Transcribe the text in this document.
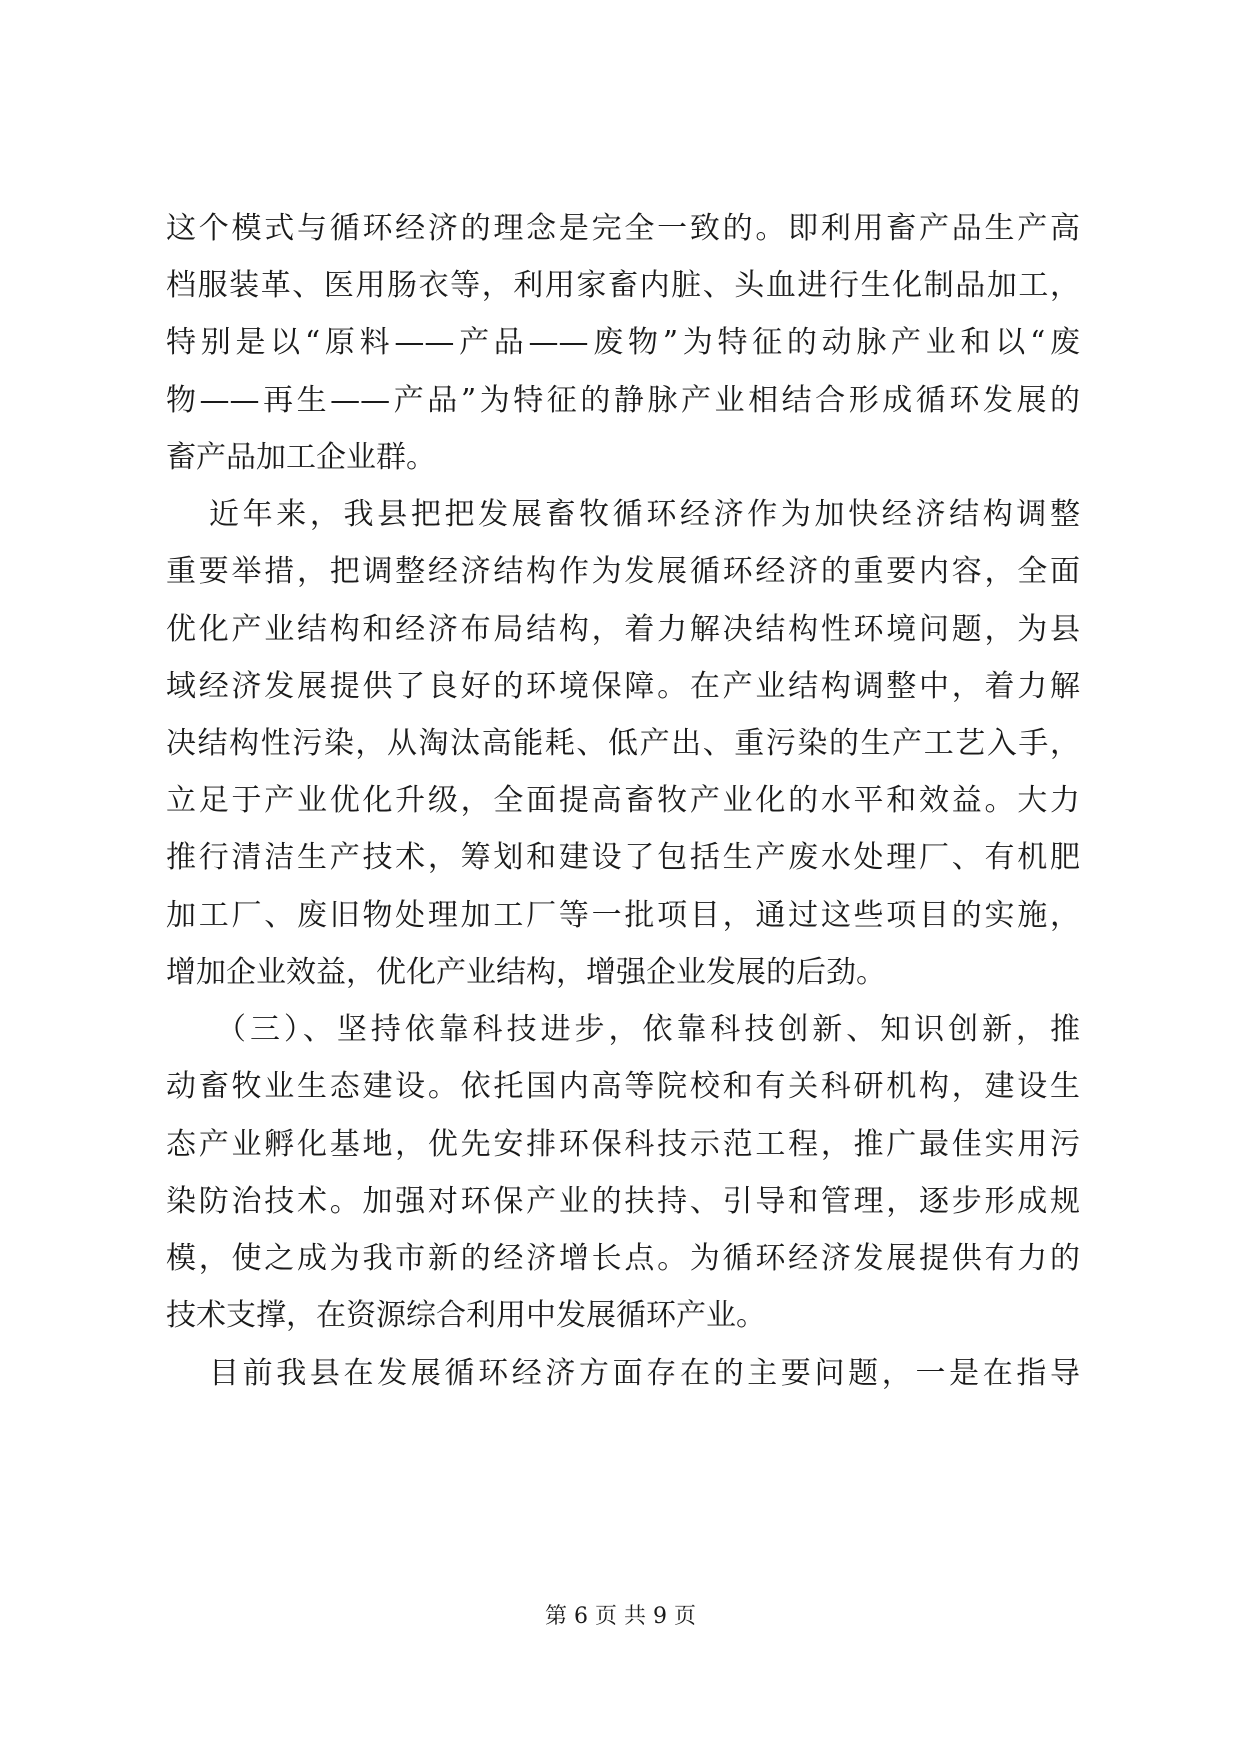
这个模式与循环经济的理念是完全一致的。即利用畜产品生产高
档服装革、医用肠衣等，利用家畜内脏、头血进行生化制品加工，
特别是以“原料——产品——废物”为特征的动脉产业和以“废
物——再生——产品”为特征的静脉产业相结合形成循环发展的
畜产品加工企业群。
近年来，我县把把发展畜牧循环经济作为加快经济结构调整
重要举措，把调整经济结构作为发展循环经济的重要内容，全面
优化产业结构和经济布局结构，着力解决结构性环境问题，为县
域经济发展提供了良好的环境保障。在产业结构调整中，着力解
决结构性污染，从淘汰高能耗、低产出、重污染的生产工艺入手，
立足于产业优化升级，全面提高畜牧产业化的水平和效益。大力
推行清洁生产技术，筹划和建设了包括生产废水处理厂、有机肥
加工厂、废旧物处理加工厂等一批项目，通过这些项目的实施，
增加企业效益，优化产业结构，增强企业发展的后劲。
（三）、坚持依靠科技进步，依靠科技创新、知识创新，推
动畜牧业生态建设。依托国内高等院校和有关科研机构，建设生
态产业孵化基地，优先安排环保科技示范工程，推广最佳实用污
染防治技术。加强对环保产业的扶持、引导和管理，逐步形成规
模，使之成为我市新的经济增长点。为循环经济发展提供有力的
技术支撑，在资源综合利用中发展循环产业。
目前我县在发展循环经济方面存在的主要问题，一是在指导
第 6 页 共 9 页
